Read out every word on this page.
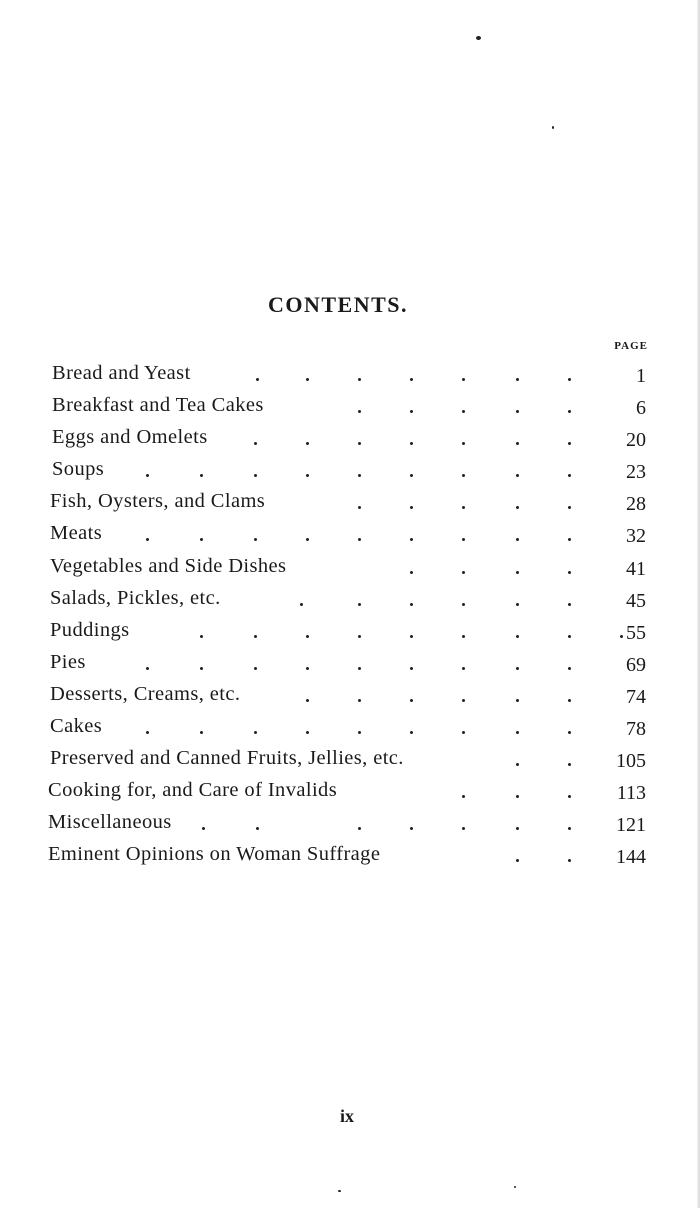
CONTENTS.
PAGE
Bread and Yeast	1
Breakfast and Tea Cakes	6
Eggs and Omelets	20
Soups	23
Fish, Oysters, and Clams	28
Meats	32
Vegetables and Side Dishes	41
Salads, Pickles, etc.	45
Puddings	55
Pies	69
Desserts, Creams, etc.	74
Cakes	78
Preserved and Canned Fruits, Jellies, etc.	105
Cooking for, and Care of Invalids	113
Miscellaneous	121
Eminent Opinions on Woman Suffrage	144
ix
